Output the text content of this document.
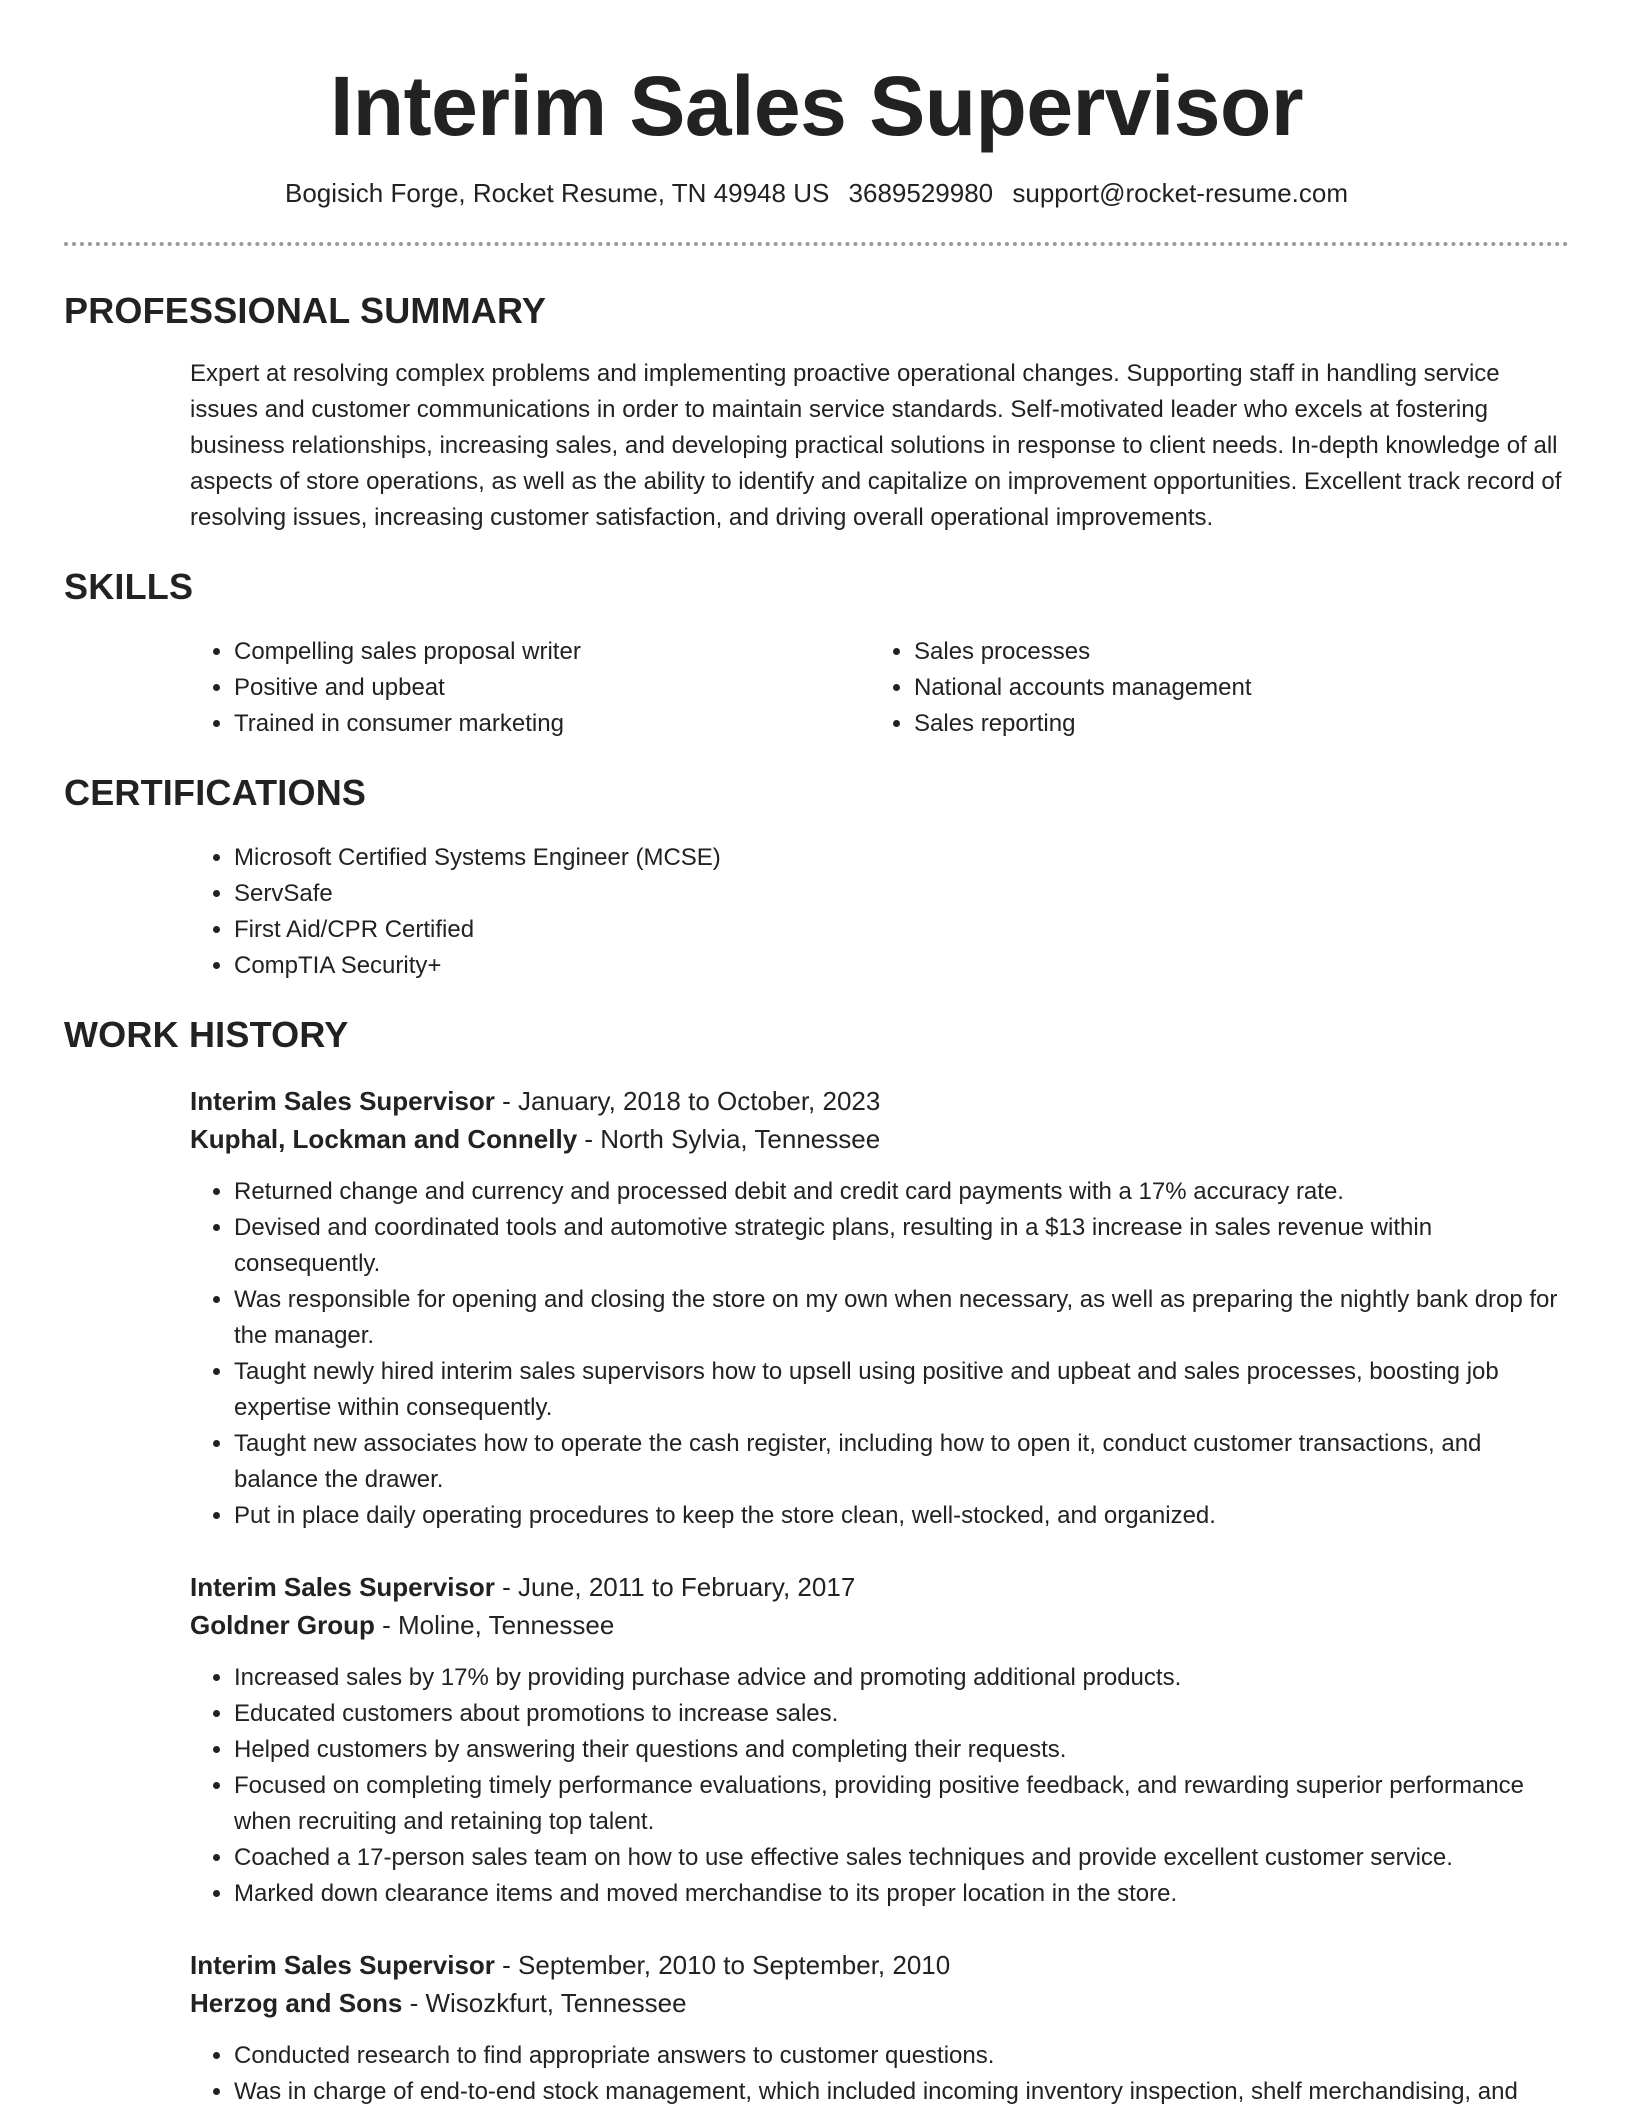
Interim Sales Supervisor
Bogisich Forge, Rocket Resume, TN 49948 US 3689529980 support@rocket-resume.com
PROFESSIONAL SUMMARY

Expert at resolving complex problems and implementing proactive operational changes. Supporting staff in handling service issues and customer communications in order to maintain service standards. Self-motivated leader who excels at fostering business relationships, increasing sales, and developing practical solutions in response to client needs. In-depth knowledge of all aspects of store operations, as well as the ability to identify and capitalize on improvement opportunities. Excellent track record of resolving issues, increasing customer satisfaction, and driving overall operational improvements.

SKILLS
• Compelling sales proposal writer
• Positive and upbeat
• Trained in consumer marketing
• Sales processes
• National accounts management
• Sales reporting
CERTIFICATIONS
• Microsoft Certified Systems Engineer (MCSE)
• ServSafe
• First Aid/CPR Certified
• CompTIA Security+
WORK HISTORY
Interim Sales Supervisor - January, 2018 to October, 2023
Kuphal, Lockman and Connelly - North Sylvia, Tennessee
• Returned change and currency and processed debit and credit card payments with a 17% accuracy rate.
• Devised and coordinated tools and automotive strategic plans, resulting in a $13 increase in sales revenue within consequently.
• Was responsible for opening and closing the store on my own when necessary, as well as preparing the nightly bank drop for the manager.
• Taught newly hired interim sales supervisors how to upsell using positive and upbeat and sales processes, boosting job expertise within consequently.
• Taught new associates how to operate the cash register, including how to open it, conduct customer transactions, and balance the drawer.
• Put in place daily operating procedures to keep the store clean, well-stocked, and organized.
Interim Sales Supervisor - June, 2011 to February, 2017
Goldner Group - Moline, Tennessee
• Increased sales by 17% by providing purchase advice and promoting additional products.
• Educated customers about promotions to increase sales.
• Helped customers by answering their questions and completing their requests.
• Focused on completing timely performance evaluations, providing positive feedback, and rewarding superior performance when recruiting and retaining top talent.
• Coached a 17-person sales team on how to use effective sales techniques and provide excellent customer service.
• Marked down clearance items and moved merchandise to its proper location in the store.
Interim Sales Supervisor - September, 2010 to September, 2010
Herzog and Sons - Wisozkfurt, Tennessee
• Conducted research to find appropriate answers to customer questions.
• Was in charge of end-to-end stock management, which included incoming inventory inspection, shelf merchandising, and
